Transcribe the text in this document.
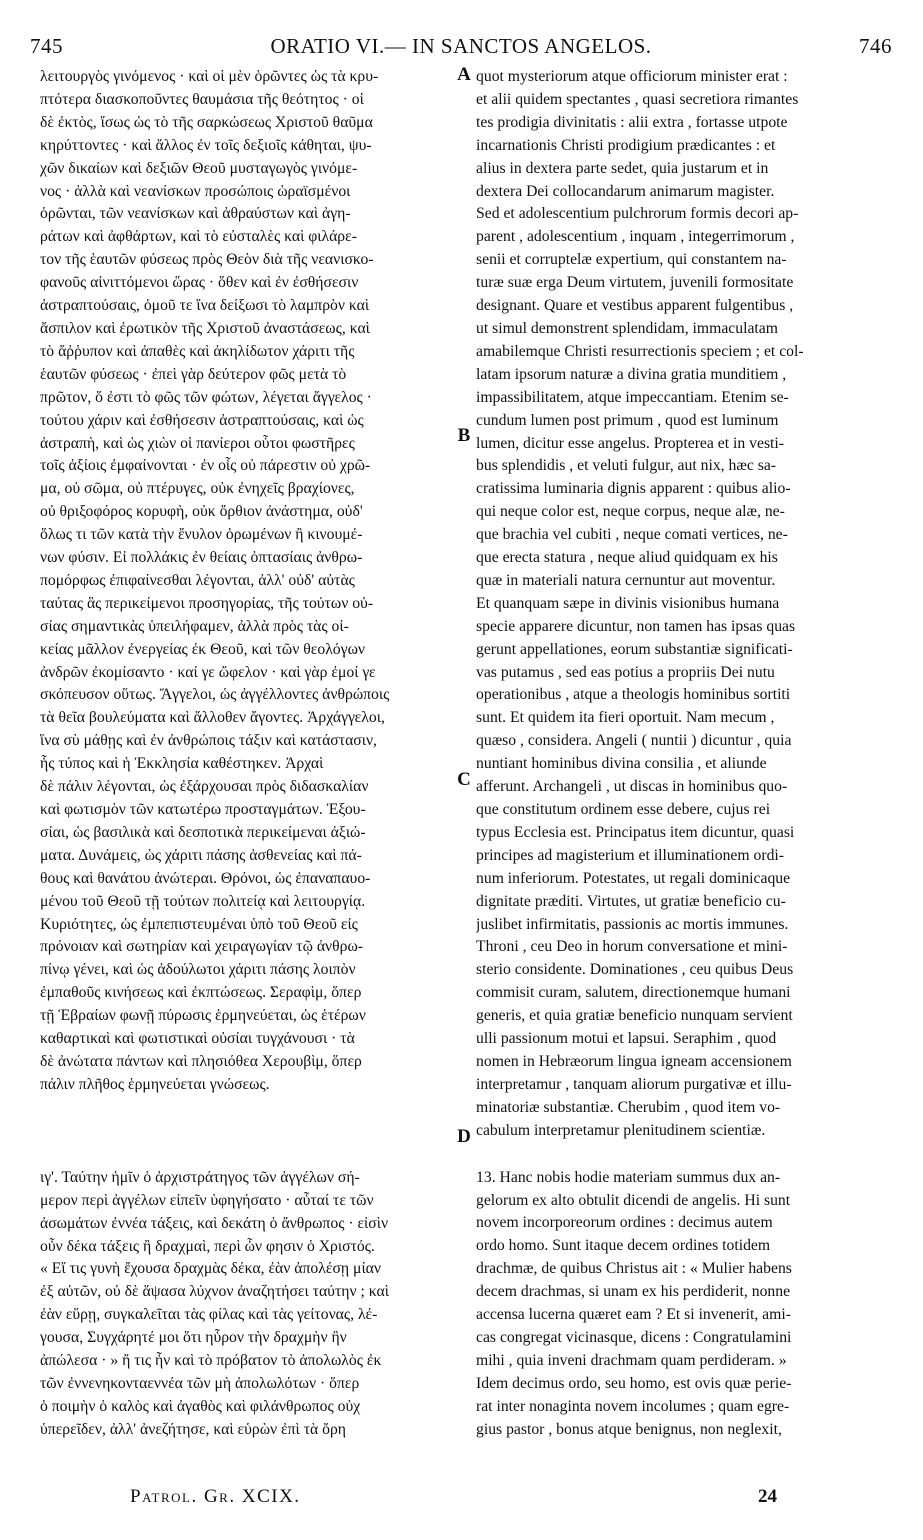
745	ORATIO VI.— IN SANCTOS ANGELOS.	746
λειτουργὸς γινόμενος · καὶ οἱ μὲν ὁρῶντες ὡς τὰ κρυ-
πτότερα διασκοποῦντες θαυμάσια τῆς θεότητος · οἱ
δὲ ἐκτὸς, ἴσως ὡς τὸ τῆς σαρκώσεως Χριστοῦ θαῦμα
κηρύττοντες · καὶ ἄλλος ἐν τοῖς δεξιοῖς κάθηται, ψυ-
χῶν δικαίων καὶ δεξιῶν Θεοῦ μυσταγωγὸς γινόμε-
νος · ἀλλὰ καὶ νεανίσκων προσώποις ὡραϊσμένοι
ὁρῶνται, τῶν νεανίσκων καὶ ἀθραύστων καὶ ἀγη-
ράτων καὶ ἀφθάρτων, καὶ τὸ εὐσταλὲς καὶ φιλάρε-
τον τῆς ἑαυτῶν φύσεως πρὸς Θεὸν διὰ τῆς νεανισκο-
φανοῦς αἰνιττόμενοι ὥρας · ὅθεν καὶ ἐν ἐσθήσεσιν
ἀστραπτούσαις, ὁμοῦ τε ἵνα δείξωσι τὸ λαμπρὸν καὶ
ἄσπιλον καὶ ἐρωτικὸν τῆς Χριστοῦ ἀναστάσεως, καὶ
τὸ ἄῤῥυπον καὶ ἀπαθὲς καὶ ἀκηλίδωτον χάριτι τῆς
ἑαυτῶν φύσεως · ἐπεὶ γὰρ δεύτερον φῶς μετὰ τὸ
πρῶτον, ὅ ἐστι τὸ φῶς τῶν φώτων, λέγεται ἄγγελος ·
τούτου χάριν καὶ ἐσθήσεσιν ἀστραπτούσαις, καὶ ὡς
ἀστραπὴ, καὶ ὡς χιὼν οἱ πανίεροι οὗτοι φωστῆρες
τοῖς ἀξίοις ἐμφαίνονται · ἐν οἷς οὐ πάρεστιν οὐ χρῶ-
μα, οὐ σῶμα, οὐ πτέρυγες, οὐκ ἐνηχεῖς βραχίονες,
οὐ θριξοφόρος κορυφὴ, οὐκ ὄρθιον ἀνάστημα, οὐδ'
ὅλως τι τῶν κατὰ τὴν ἔνυλον ὁρωμένων ἢ κινουμέ-
νων φύσιν. Εἰ πολλάκις ἐν θείαις ὀπτασίαις ἀνθρω-
πομόρφως ἐπιφαίνεσθαι λέγονται, ἀλλ' οὐδ' αὐτὰς
ταύτας ἃς περικείμενοι προσηγορίας, τῆς τούτων οὐ-
σίας σημαντικὰς ὑπειλήφαμεν, ἀλλὰ πρὸς τὰς οἰ-
κείας μᾶλλον ἐνεργείας ἐκ Θεοῦ, καὶ τῶν θεολόγων
ἀνδρῶν ἐκομίσαντο · καί γε ὤφελον · καὶ γὰρ ἐμοί γε
σκόπευσον οὕτως. Ἄγγελοι, ὡς ἀγγέλλοντες ἀνθρώποις
τὰ θεῖα βουλεύματα καὶ ἄλλοθεν ἄγοντες. Ἀρχάγγελοι,
ἵνα σὺ μάθῃς καὶ ἐν ἀνθρώποις τάξιν καὶ κατάστασιν,
ἧς τύπος καὶ ἡ Ἐκκλησία καθέστηκεν. Ἀρχαὶ
δὲ πάλιν λέγονται, ὡς ἐξάρχουσαι πρὸς διδασκαλίαν
καὶ φωτισμὸν τῶν κατωτέρω προσταγμάτων. Ἐξου-
σίαι, ὡς βασιλικὰ καὶ δεσποτικὰ περικείμεναι ἀξιώ-
ματα. Δυνάμεις, ὡς χάριτι πάσης ἀσθενείας καὶ πά-
θους καὶ θανάτου ἀνώτεραι. Θρόνοι, ὡς ἐπαναπαυο-
μένου τοῦ Θεοῦ τῇ τούτων πολιτείᾳ καὶ λειτουργίᾳ.
Κυριότητες, ὡς ἐμπεπιστευμέναι ὑπὸ τοῦ Θεοῦ εἰς
πρόνοιαν καὶ σωτηρίαν καὶ χειραγωγίαν τῷ ἀνθρω-
πίνῳ γένει, καὶ ὡς ἀδούλωτοι χάριτι πάσης λοιπὸν
ἐμπαθοῦς κινήσεως καὶ ἐκπτώσεως. Σεραφὶμ, ὅπερ
τῇ Ἑβραίων φωνῇ πύρωσις ἑρμηνεύεται, ὡς ἑτέρων
καθαρτικαὶ καὶ φωτιστικαὶ οὐσίαι τυγχάνουσι · τὰ
δὲ ἀνώτατα πάντων καὶ πλησιόθεα Χερουβὶμ, ὅπερ
πάλιν πλῆθος ἑρμηνεύεται γνώσεως.
ιγ'. Ταύτην ἡμῖν ὁ ἀρχιστράτηγος τῶν ἀγγέλων σή-
μερον περὶ ἀγγέλων εἰπεῖν ὑφηγήσατο · αὗταί τε τῶν
ἀσωμάτων ἐννέα τάξεις, καὶ δεκάτη ὁ ἄνθρωπος · εἰσὶν
οὖν δέκα τάξεις ἢ δραχμαὶ, περὶ ὧν φησιν ὁ Χριστός.
« Εἴ τις γυνὴ ἔχουσα δραχμὰς δέκα, ἐὰν ἀπολέσῃ μίαν
ἐξ αὐτῶν, οὐ δὲ ἅψασα λύχνον ἀναζητήσει ταύτην ; καὶ
ἐὰν εὕρῃ, συγκαλεῖται τὰς φίλας καὶ τὰς γείτονας, λέ-
γουσα, Συγχάρητέ μοι ὅτι ηὗρον τὴν δραχμὴν ἣν
ἀπώλεσα · » ἤ τις ἦν καὶ τὸ πρόβατον τὸ ἀπολωλὸς ἐκ
τῶν ἐννενηκονταεννέα τῶν μὴ ἀπολωλότων · ὅπερ
ὁ ποιμὴν ὁ καλὸς καὶ ἀγαθὸς καὶ φιλάνθρωπος οὐχ
ὑπερεῖδεν, ἀλλ' ἀνεζήτησε, καὶ εὑρὼν ἐπὶ τὰ ὄρη
quot mysteriorum atque officiorum minister erat :
et alii quidem spectantes , quasi secretiora rimantes
tes prodigia divinitatis : alii extra , fortasse utpote
incarnationis Christi prodigium prædicantes : et
alius in dextera parte sedet, quia justarum et in
dextera Dei collocandarum animarum magister.
Sed et adolescentium pulchrorum formis decori ap-
parent , adolescentium , inquam , integerrimorum ,
senii et corruptelæ expertium, qui constantem na-
turæ suæ erga Deum virtutem, juvenili formositate
designant. Quare et vestibus apparent fulgentibus ,
ut simul demonstrent splendidam, immaculatam
amabilemque Christi resurrectionis speciem ; et col-
latam ipsorum naturæ a divina gratia munditiem ,
impassibilitatem, atque impeccantiam. Etenim se-
cundum lumen post primum , quod est luminum
lumen, dicitur esse angelus. Propterea et in vesti-
bus splendidis , et veluti fulgur, aut nix, hæc sa-
cratissima luminaria dignis apparent : quibus alio-
qui neque color est, neque corpus, neque alæ, ne-
que brachia vel cubiti , neque comati vertices, ne-
que erecta statura , neque aliud quidquam ex his
quæ in materiali natura cernuntur aut moventur.
Et quanquam sæpe in divinis visionibus humana
specie apparere dicuntur, non tamen has ipsas quas
gerunt appellationes, eorum substantiæ significati-
vas putamus , sed eas potius a propriis Dei nutu
operationibus , atque a theologis hominibus sortiti
sunt. Et quidem ita fieri oportuit. Nam mecum ,
quæso , considera. Angeli ( nuntii ) dicuntur , quia
nuntiant hominibus divina consilia , et aliunde
afferunt. Archangeli , ut discas in hominibus quo-
que constitutum ordinem esse debere, cujus rei
typus Ecclesia est. Principatus item dicuntur, quasi
principes ad magisterium et illuminationem ordi-
num inferiorum. Potestates, ut regali dominicaque
dignitate præditi. Virtutes, ut gratiæ beneficio cu-
juslibet infirmitatis, passionis ac mortis immunes.
Throni , ceu Deo in horum conversatione et mini-
sterio considente. Dominationes , ceu quibus Deus
commisit curam, salutem, directionemque humani
generis, et quia gratiæ beneficio nunquam servient
ulli passionum motui et lapsui. Seraphim , quod
nomen in Hebræorum lingua igneam accensionem
interpretamur , tanquam aliorum purgativæ et illu-
minatoriæ substantiæ. Cherubim , quod item vo-
cabulum interpretamur plenitudinem scientiæ.
13. Hanc nobis hodie materiam summus dux an-
gelorum ex alto obtulit dicendi de angelis. Hi sunt
novem incorporeorum ordines : decimus autem
ordo homo. Sunt itaque decem ordines totidem
drachmæ, de quibus Christus ait : « Mulier habens
decem drachmas, si unam ex his perdiderit, nonne
accensa lucerna quæret eam ? Et si invenerit, ami-
cas congregat vicinasque, dicens : Congratulamini
mihi , quia inveni drachmam quam perdideram. »
Idem decimus ordo, seu homo, est ovis quæ perie-
rat inter nonaginta novem incolumes ; quam egre-
gius pastor , bonus atque benignus, non neglexit,
A
B
C
D
Patrol. Gr. XCIX.	24
